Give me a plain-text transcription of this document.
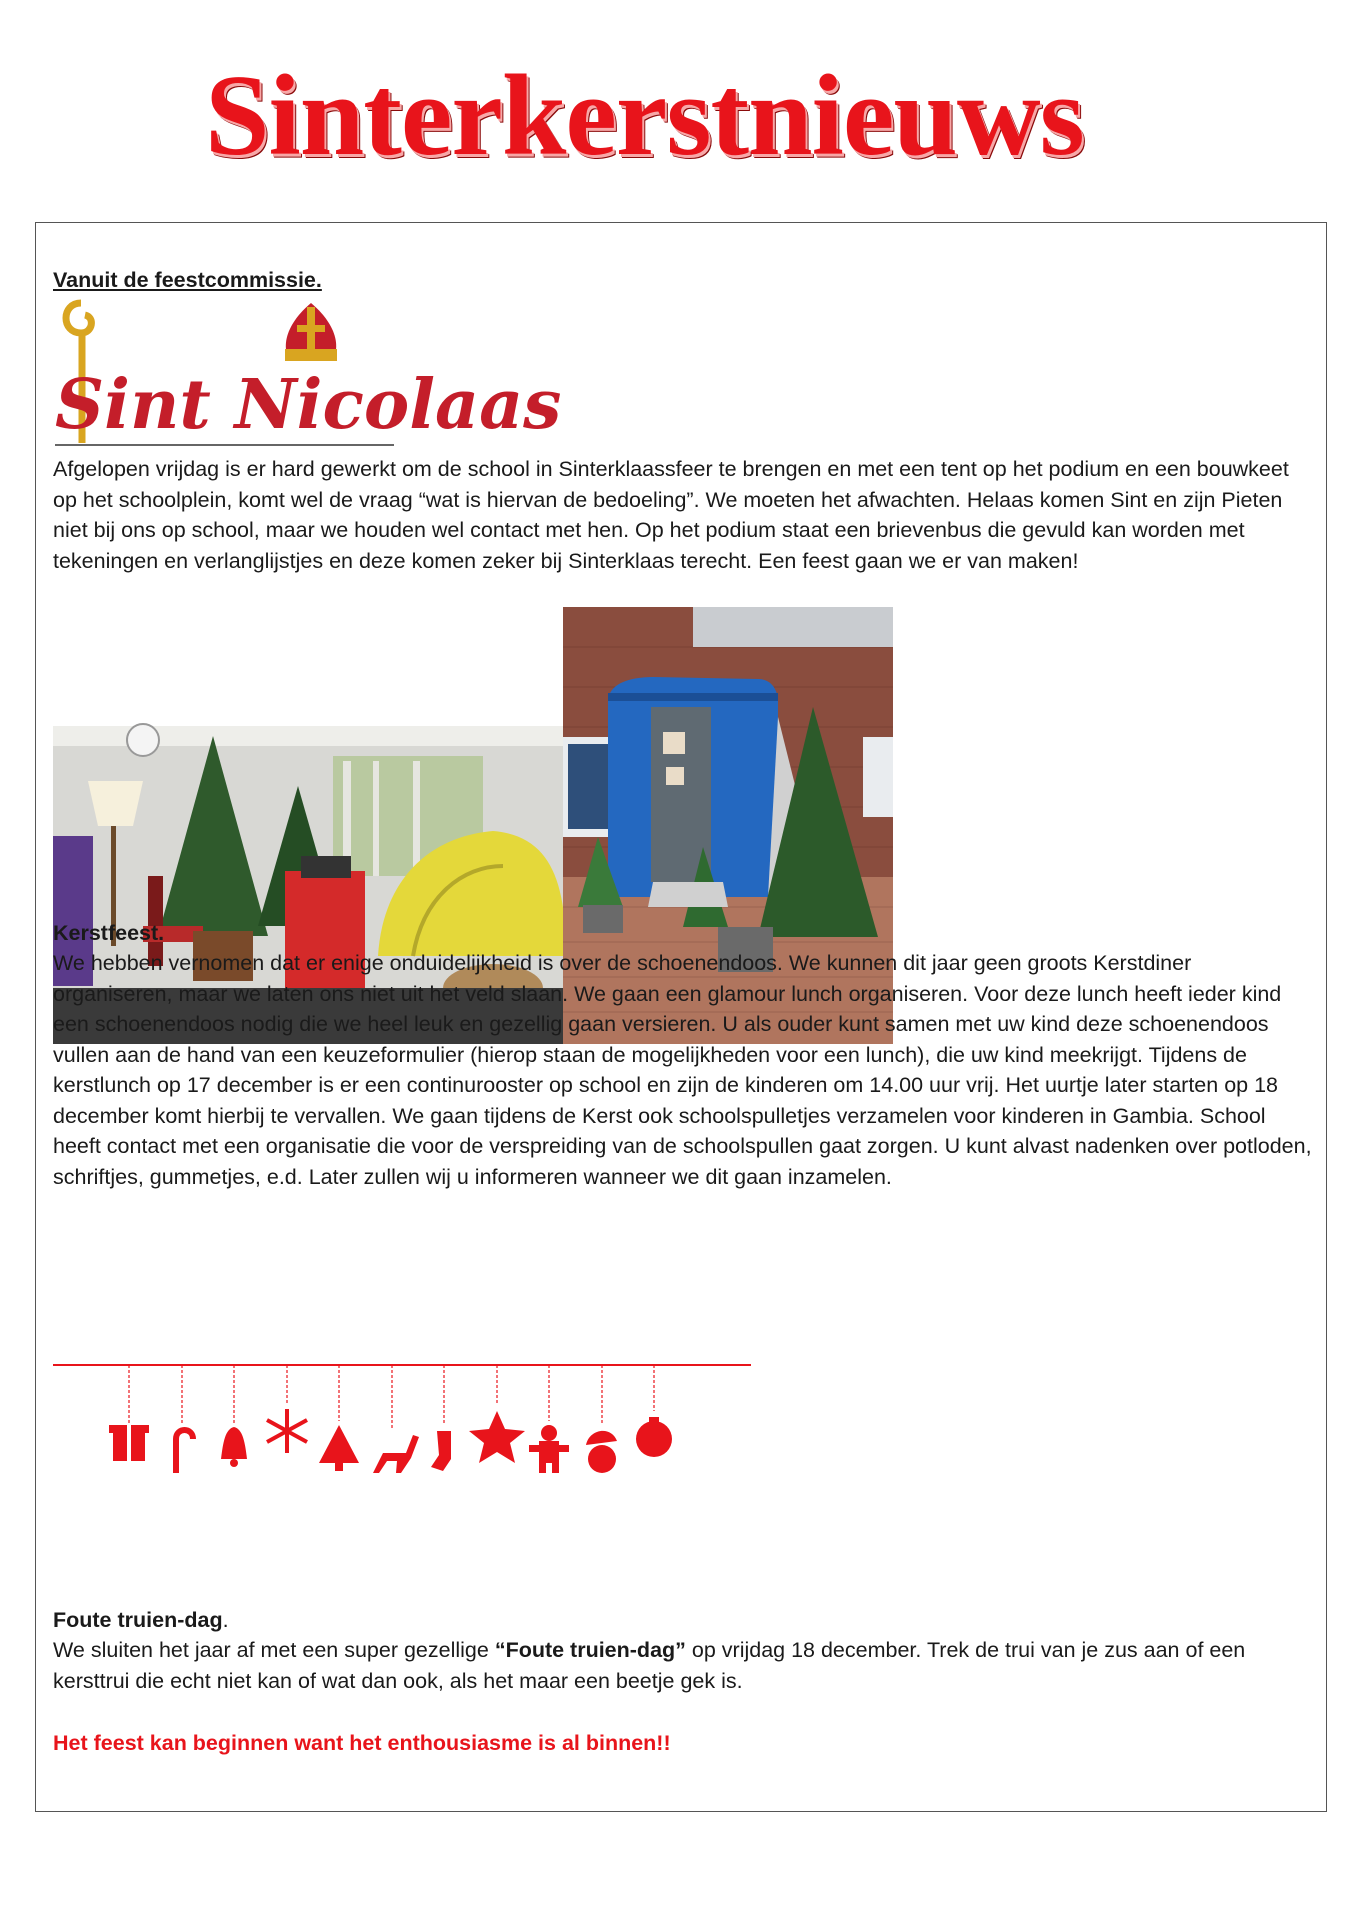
Sinterkerstnieuws
Vanuit de feestcommissie.
Sint Nicolaas

Afgelopen vrijdag is er hard gewerkt om de school in Sinterklaassfeer te brengen en met een tent op het podium en een bouwkeet op het schoolplein, komt wel de vraag “wat is hiervan de bedoeling”. We moeten het afwachten. Helaas komen Sint en zijn Pieten niet bij ons op school, maar we houden wel contact met hen. Op het podium staat een brievenbus die gevuld kan worden met tekeningen en verlanglijstjes en deze komen zeker bij Sinterklaas terecht. Een feest gaan we er van maken!

Kerstfeest.

We hebben vernomen dat er enige onduidelijkheid is over de schoenendoos. We kunnen dit jaar geen groots Kerstdiner organiseren, maar we laten ons niet uit het veld slaan. We gaan een glamour lunch organiseren. Voor deze lunch heeft ieder kind een schoenendoos nodig die we heel leuk en gezellig gaan versieren. U als ouder kunt samen met uw kind deze schoenendoos vullen aan de hand van een keuzeformulier (hierop staan de mogelijkheden voor een lunch), die uw kind meekrijgt. Tijdens de kerstlunch op 17 december is er een continurooster op school en zijn de kinderen om 14.00 uur vrij. Het uurtje later starten op 18 december komt hierbij te vervallen. We gaan tijdens de Kerst ook schoolspulletjes verzamelen voor kinderen in Gambia. School heeft contact met een organisatie die voor de verspreiding van de schoolspullen gaat zorgen. U kunt alvast nadenken over potloden, schriftjes, gummetjes, e.d. Later zullen wij u informeren wanneer we dit gaan inzamelen.

Foute truien-dag.

We sluiten het jaar af met een super gezellige “Foute truien-dag” op vrijdag 18 december. Trek de trui van je zus aan of een kersttrui die echt niet kan of wat dan ook, als het maar een beetje gek is.

Het feest kan beginnen want het enthousiasme is al binnen!!
